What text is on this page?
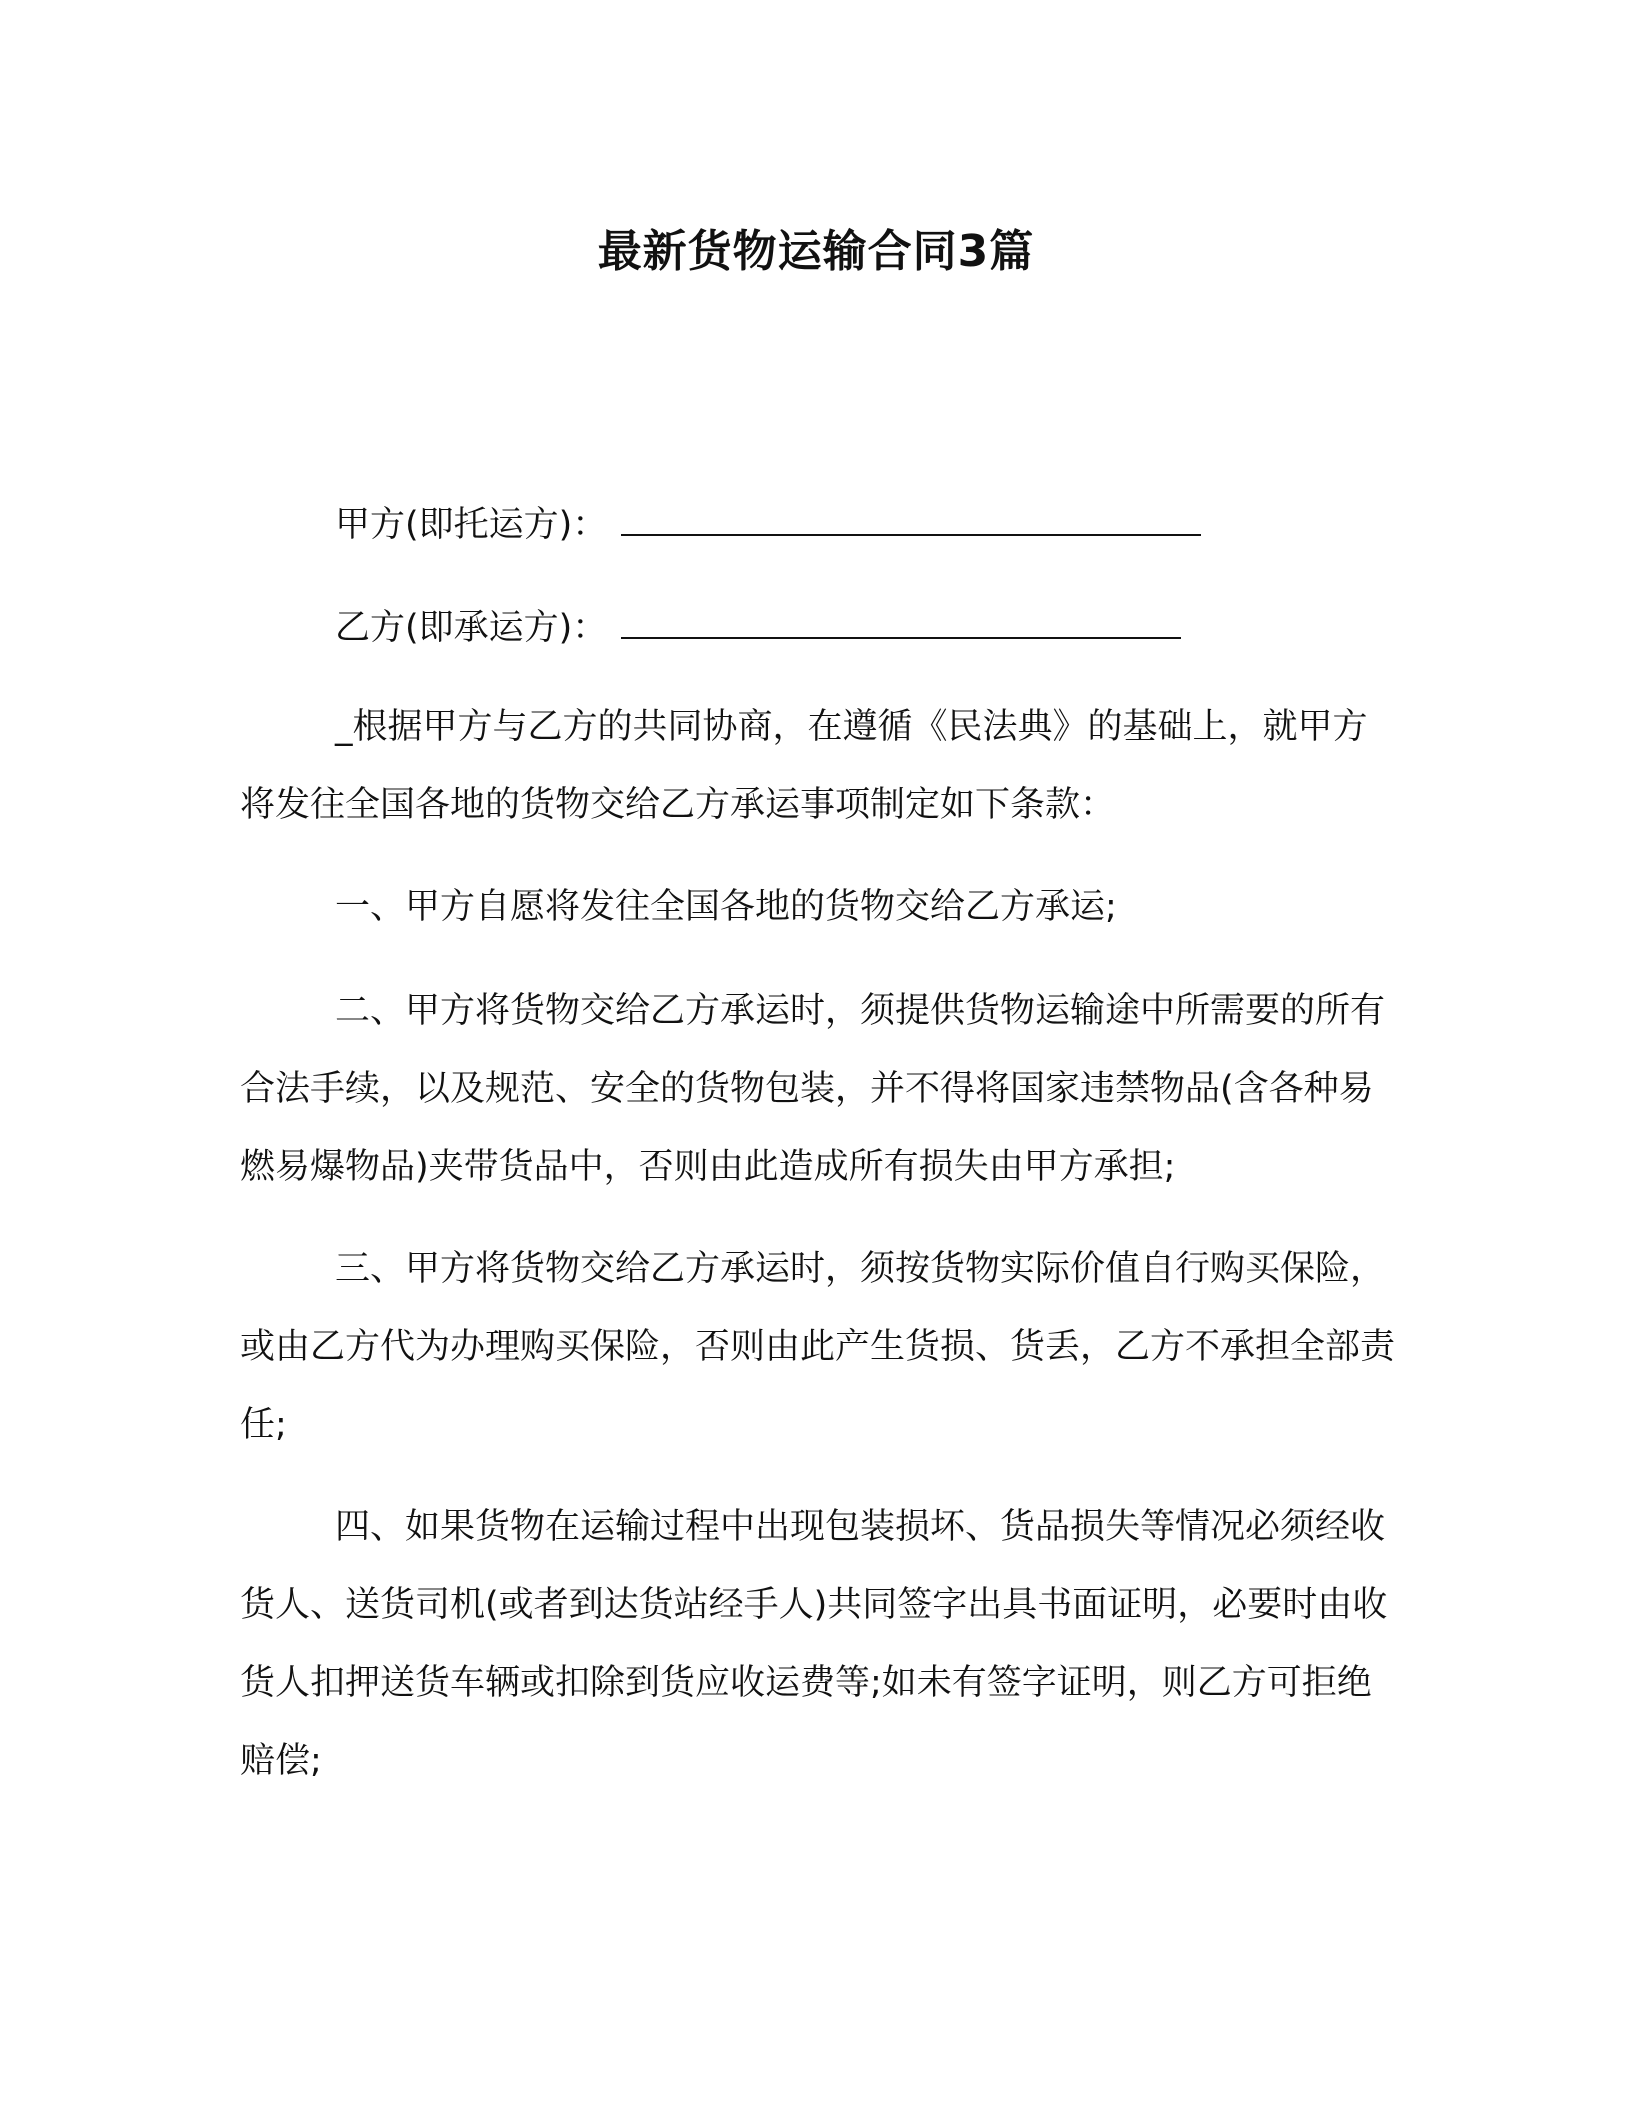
最新货物运输合同3篇

甲方(即托运方)：

乙方(即承运方)：

_根据甲方与乙方的共同协商，在遵循《民法典》的基础上，就甲方将发往全国各地的货物交给乙方承运事项制定如下条款：

一、甲方自愿将发往全国各地的货物交给乙方承运;

二、甲方将货物交给乙方承运时，须提供货物运输途中所需要的所有合法手续，以及规范、安全的货物包装，并不得将国家违禁物品(含各种易燃易爆物品)夹带货品中，否则由此造成所有损失由甲方承担;

三、甲方将货物交给乙方承运时，须按货物实际价值自行购买保险，或由乙方代为办理购买保险，否则由此产生货损、货丢，乙方不承担全部责任;

四、如果货物在运输过程中出现包装损坏、货品损失等情况必须经收货人、送货司机(或者到达货站经手人)共同签字出具书面证明，必要时由收货人扣押送货车辆或扣除到货应收运费等;如未有签字证明，则乙方可拒绝赔偿;
